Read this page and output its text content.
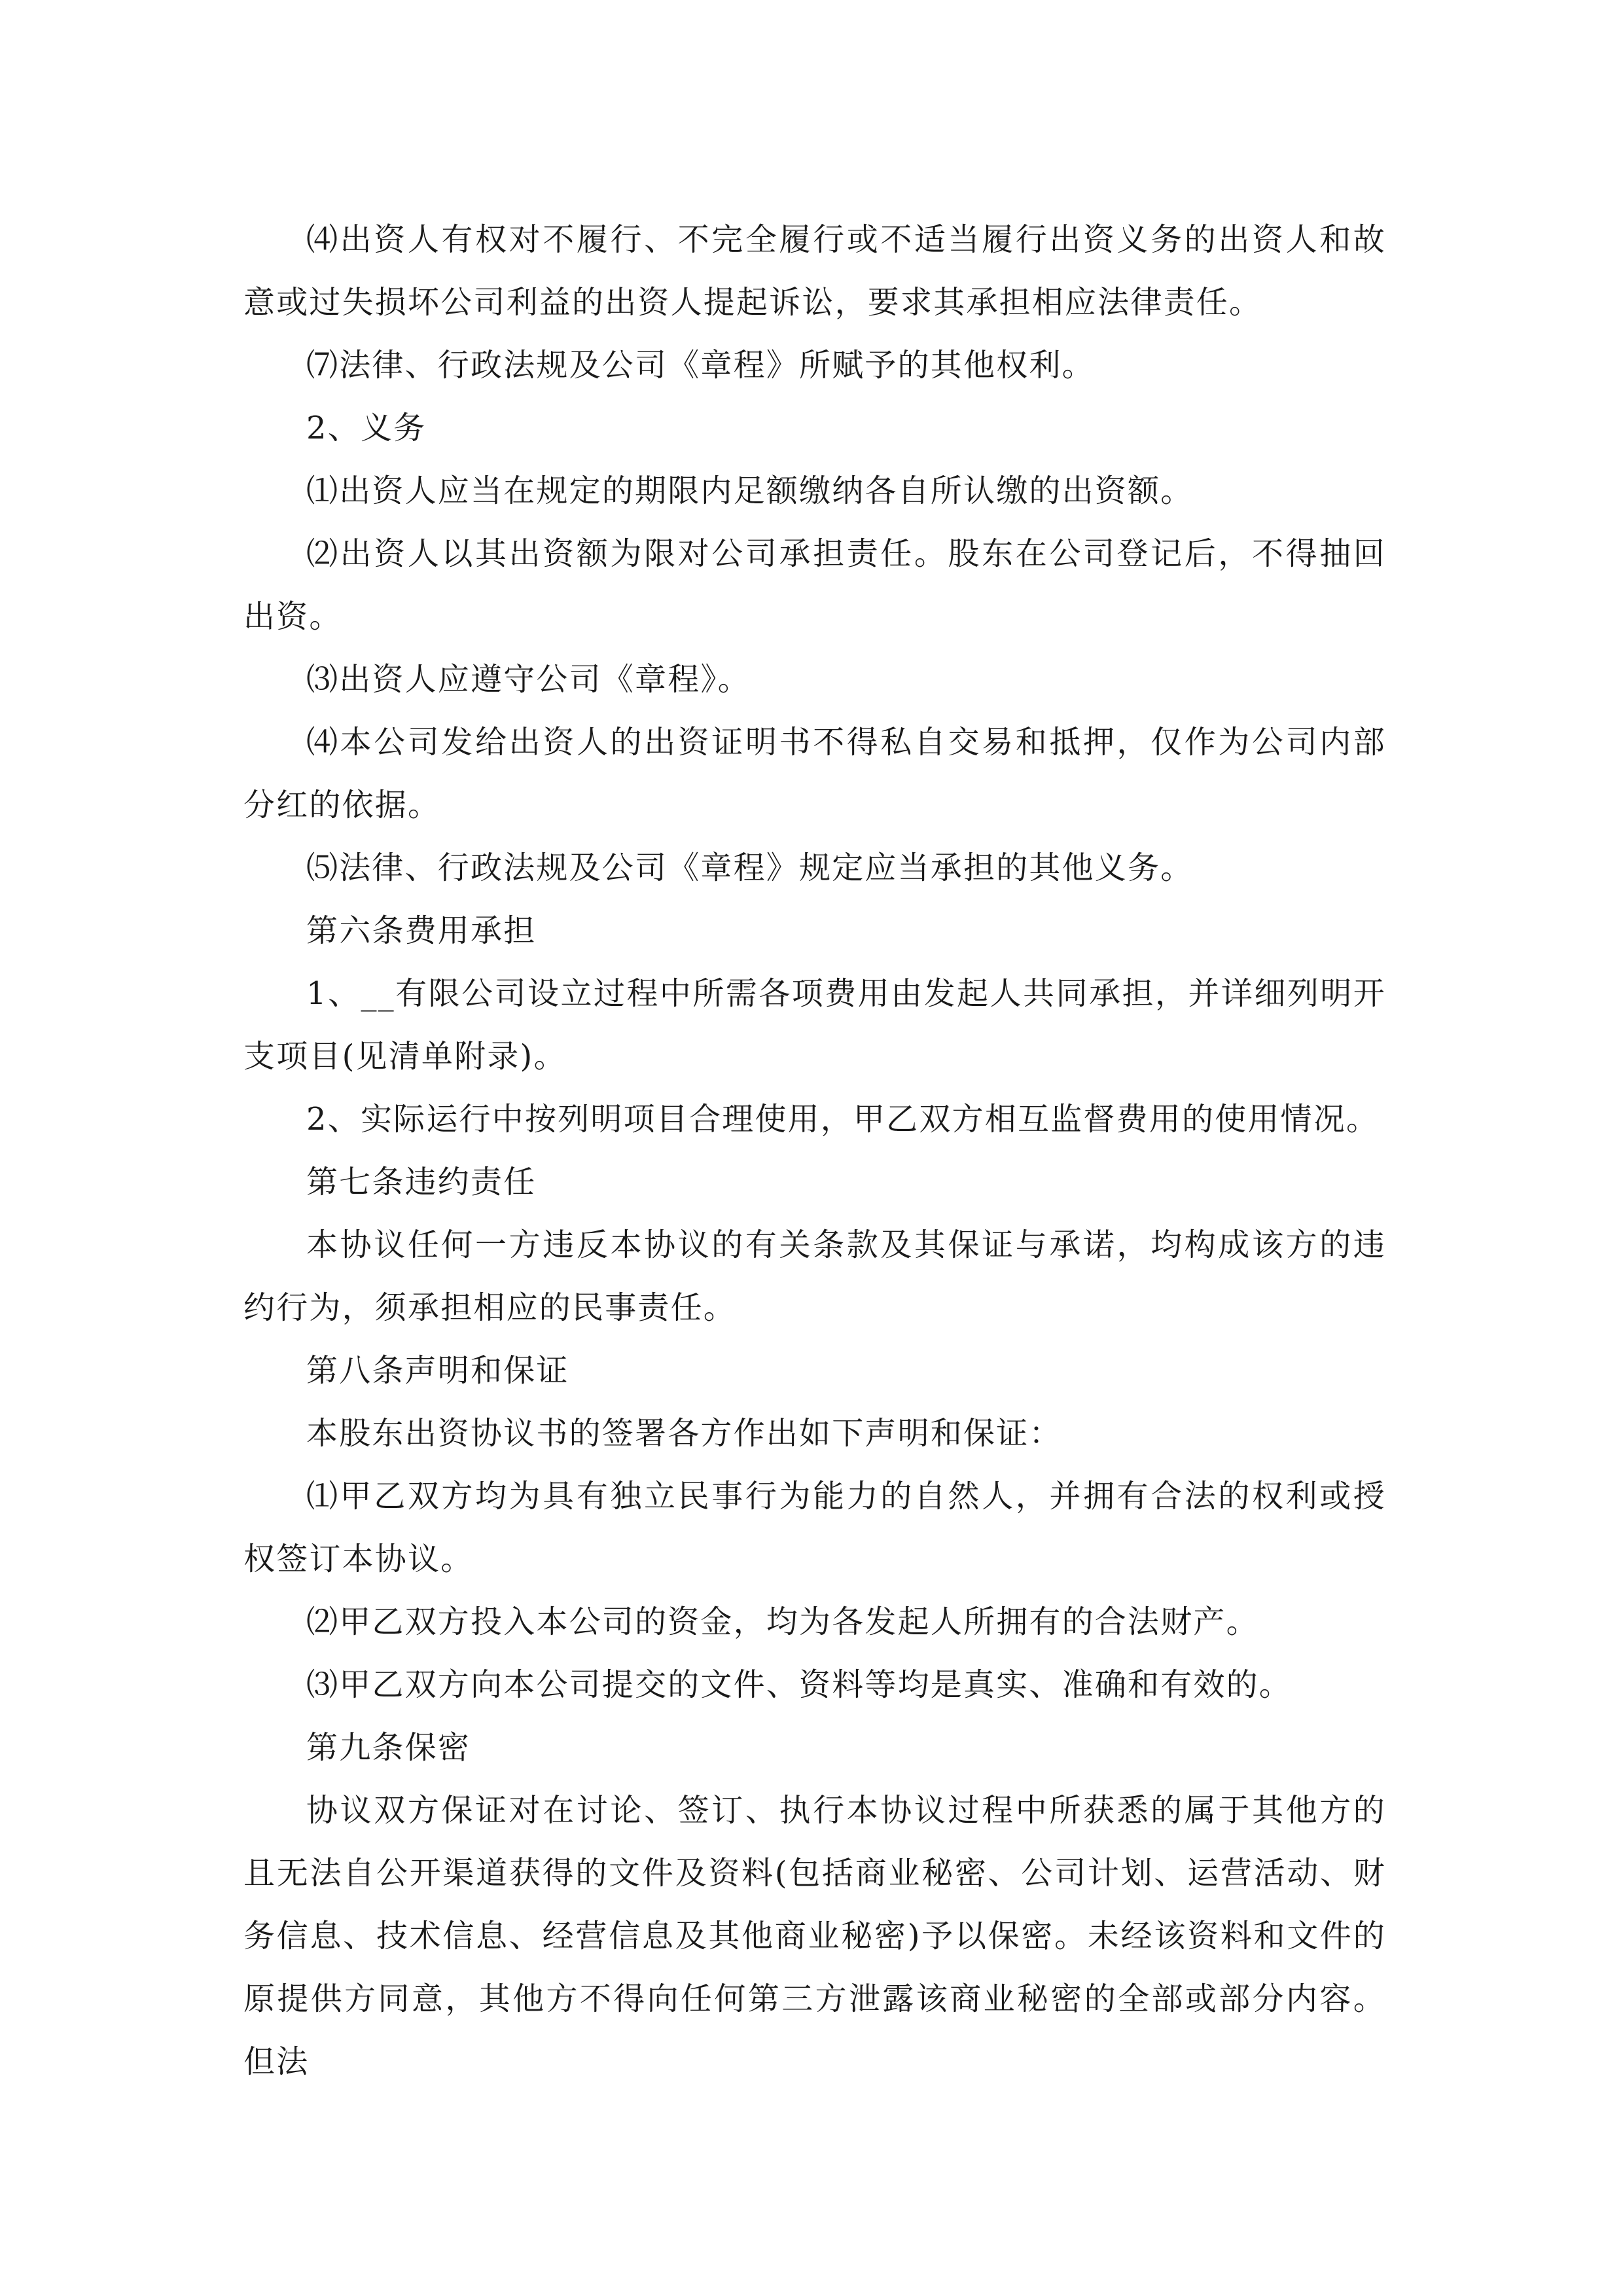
⑷出资人有权对不履行、不完全履行或不适当履行出资义务的出资人和故意或过失损坏公司利益的出资人提起诉讼，要求其承担相应法律责任。

⑺法律、行政法规及公司《章程》所赋予的其他权利。

2、义务

⑴出资人应当在规定的期限内足额缴纳各自所认缴的出资额。

⑵出资人以其出资额为限对公司承担责任。股东在公司登记后，不得抽回出资。

⑶出资人应遵守公司《章程》。

⑷本公司发给出资人的出资证明书不得私自交易和抵押，仅作为公司内部分红的依据。

⑸法律、行政法规及公司《章程》规定应当承担的其他义务。

第六条费用承担

1、__有限公司设立过程中所需各项费用由发起人共同承担，并详细列明开支项目(见清单附录)。

2、实际运行中按列明项目合理使用，甲乙双方相互监督费用的使用情况。

第七条违约责任

本协议任何一方违反本协议的有关条款及其保证与承诺，均构成该方的违约行为，须承担相应的民事责任。

第八条声明和保证

本股东出资协议书的签署各方作出如下声明和保证：

⑴甲乙双方均为具有独立民事行为能力的自然人，并拥有合法的权利或授权签订本协议。

⑵甲乙双方投入本公司的资金，均为各发起人所拥有的合法财产。

⑶甲乙双方向本公司提交的文件、资料等均是真实、准确和有效的。

第九条保密

协议双方保证对在讨论、签订、执行本协议过程中所获悉的属于其他方的且无法自公开渠道获得的文件及资料(包括商业秘密、公司计划、运营活动、财务信息、技术信息、经营信息及其他商业秘密)予以保密。未经该资料和文件的原提供方同意，其他方不得向任何第三方泄露该商业秘密的全部或部分内容。但法
